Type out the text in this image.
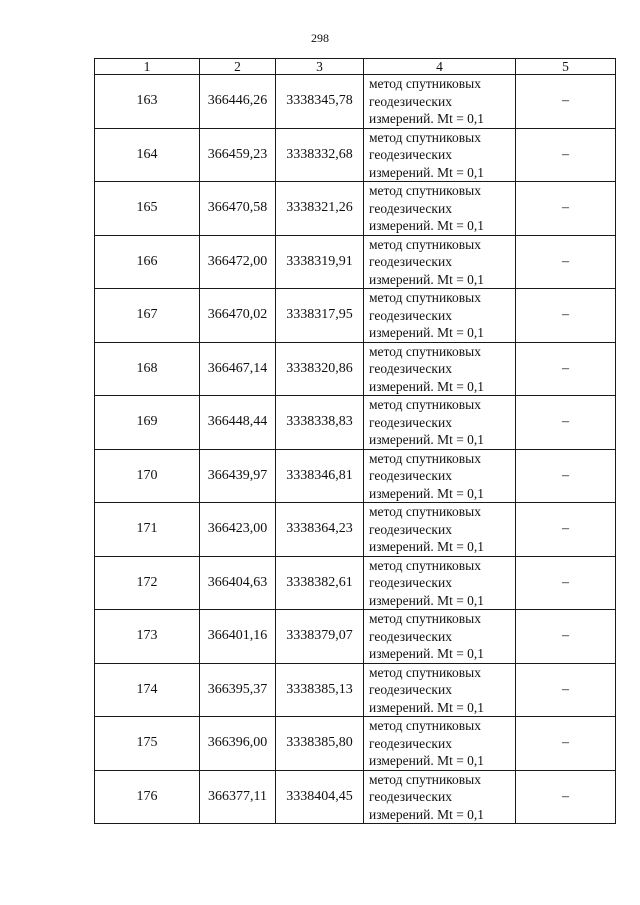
298
1	2	3	4	5
163	366446,26	3338345,78	метод спутниковых
геодезических
измерений. Mt = 0,1	–
164	366459,23	3338332,68	метод спутниковых
геодезических
измерений. Mt = 0,1	–
165	366470,58	3338321,26	метод спутниковых
геодезических
измерений. Mt = 0,1	–
166	366472,00	3338319,91	метод спутниковых
геодезических
измерений. Mt = 0,1	–
167	366470,02	3338317,95	метод спутниковых
геодезических
измерений. Mt = 0,1	–
168	366467,14	3338320,86	метод спутниковых
геодезических
измерений. Mt = 0,1	–
169	366448,44	3338338,83	метод спутниковых
геодезических
измерений. Mt = 0,1	–
170	366439,97	3338346,81	метод спутниковых
геодезических
измерений. Mt = 0,1	–
171	366423,00	3338364,23	метод спутниковых
геодезических
измерений. Mt = 0,1	–
172	366404,63	3338382,61	метод спутниковых
геодезических
измерений. Mt = 0,1	–
173	366401,16	3338379,07	метод спутниковых
геодезических
измерений. Mt = 0,1	–
174	366395,37	3338385,13	метод спутниковых
геодезических
измерений. Mt = 0,1	–
175	366396,00	3338385,80	метод спутниковых
геодезических
измерений. Mt = 0,1	–
176	366377,11	3338404,45	метод спутниковых
геодезических
измерений. Mt = 0,1	–
